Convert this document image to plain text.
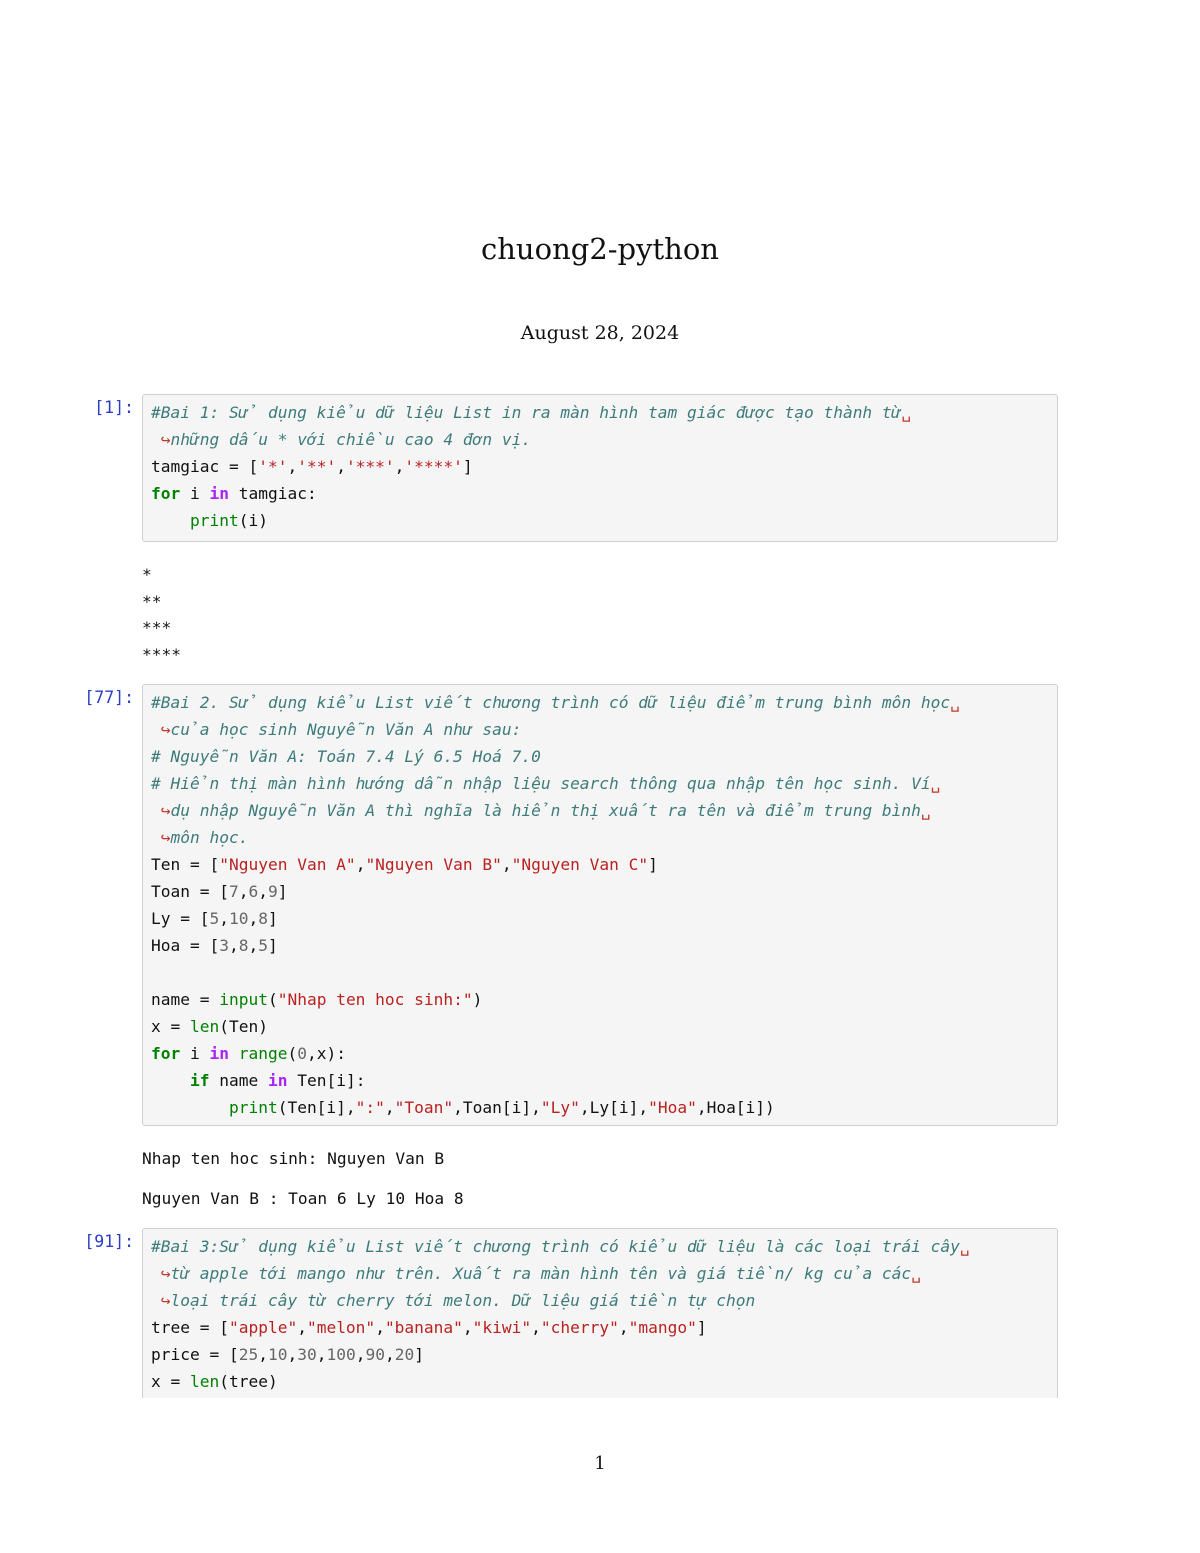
chuong2-python
August 28, 2024
[1]: #Bai 1: Sử dụng kiểu dữ liệu List in ra màn hình tam giác được tạo thành từ␣
↪những dấu * với chiều cao 4 đơn vị.
tamgiac = ['*','**','***','****']
for i in tamgiac:
print(i)
*
**
***
****
[77]: #Bai 2. Sử dụng kiểu List viết chương trình có dữ liệu điểm trung bình môn học␣
↪của học sinh Nguyễn Văn A như sau:
# Nguyễn Văn A: Toán 7.4 Lý 6.5 Hoá 7.0
# Hiển thị màn hình hướng dẫn nhập liệu search thông qua nhập tên học sinh. Ví␣
↪dụ nhập Nguyễn Văn A thì nghĩa là hiển thị xuất ra tên và điểm trung bình␣
↪môn học.
Ten = ["Nguyen Van A","Nguyen Van B","Nguyen Van C"]
Toan = [7,6,9]
Ly = [5,10,8]
Hoa = [3,8,5]

name = input("Nhap ten hoc sinh:")
x = len(Ten)
for i in range(0,x):
if name in Ten[i]:
print(Ten[i],":","Toan",Toan[i],"Ly",Ly[i],"Hoa",Hoa[i])
Nhap ten hoc sinh: Nguyen Van B
Nguyen Van B : Toan 6 Ly 10 Hoa 8
[91]: #Bai 3:Sử dụng kiểu List viết chương trình có kiểu dữ liệu là các loại trái cây␣
↪từ apple tới mango như trên. Xuất ra màn hình tên và giá tiền/ kg của các␣
↪loại trái cây từ cherry tới melon. Dữ liệu giá tiền tự chọn
tree = ["apple","melon","banana","kiwi","cherry","mango"]
price = [25,10,30,100,90,20]
x = len(tree)
1
